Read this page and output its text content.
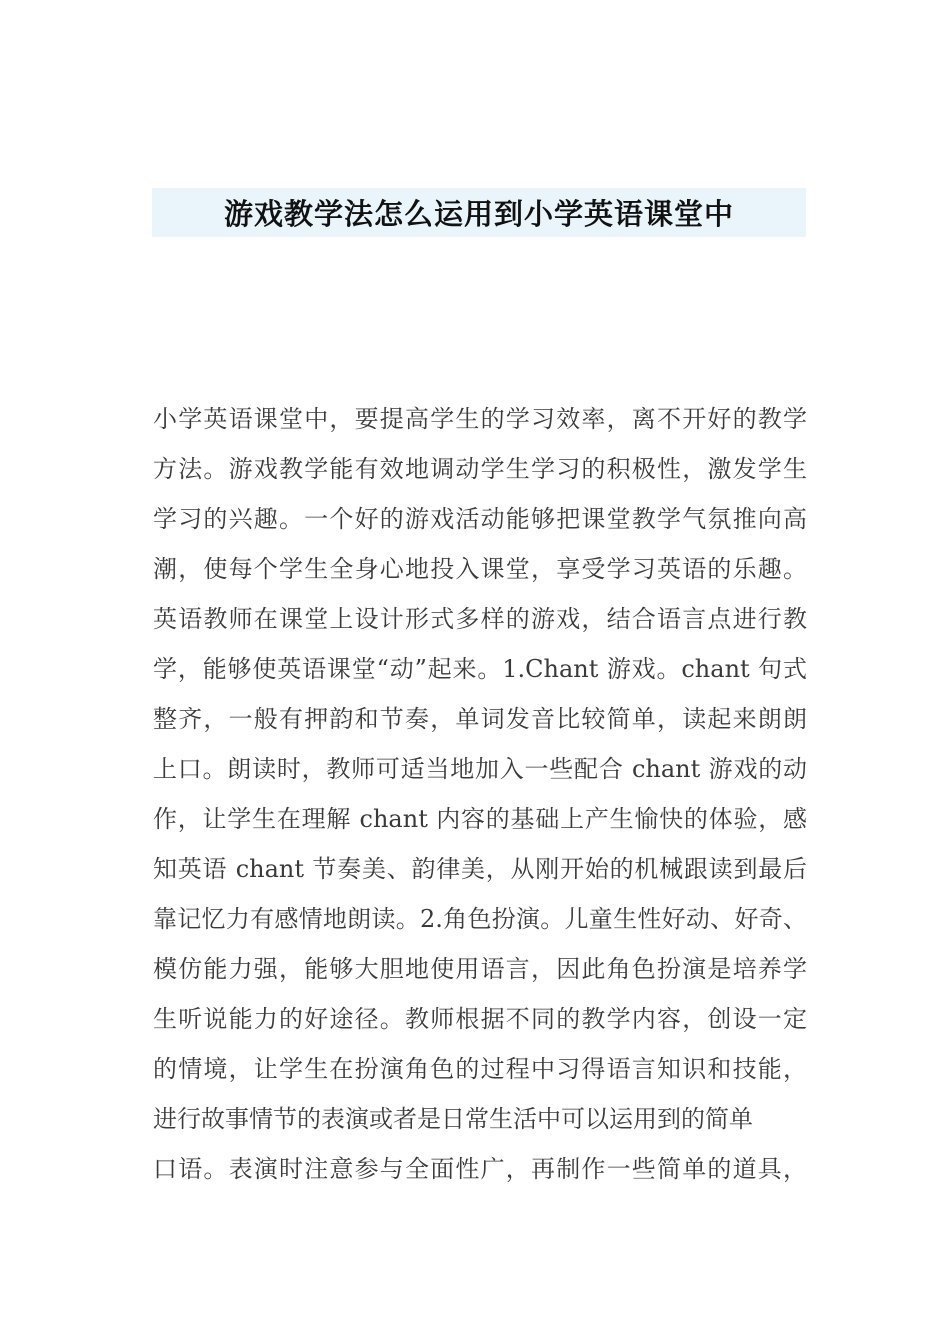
游戏教学法怎么运用到小学英语课堂中
小学英语课堂中，要提高学生的学习效率，离不开好的教学
方法。游戏教学能有效地调动学生学习的积极性，激发学生
学习的兴趣。一个好的游戏活动能够把课堂教学气氛推向高
潮，使每个学生全身心地投入课堂，享受学习英语的乐趣。
英语教师在课堂上设计形式多样的游戏，结合语言点进行教
学，能够使英语课堂“动”起来。1.Chant 游戏。chant 句式
整齐，一般有押韵和节奏，单词发音比较简单，读起来朗朗
上口。朗读时，教师可适当地加入一些配合 chant 游戏的动
作，让学生在理解 chant 内容的基础上产生愉快的体验，感
知英语 chant 节奏美、韵律美，从刚开始的机械跟读到最后
靠记忆力有感情地朗读。2.角色扮演。儿童生性好动、好奇、
模仿能力强，能够大胆地使用语言，因此角色扮演是培养学
生听说能力的好途径。教师根据不同的教学内容，创设一定
的情境，让学生在扮演角色的过程中习得语言知识和技能，
进行故事情节的表演或者是日常生活中可以运用到的简单
口语。表演时注意参与全面性广，再制作一些简单的道具，
